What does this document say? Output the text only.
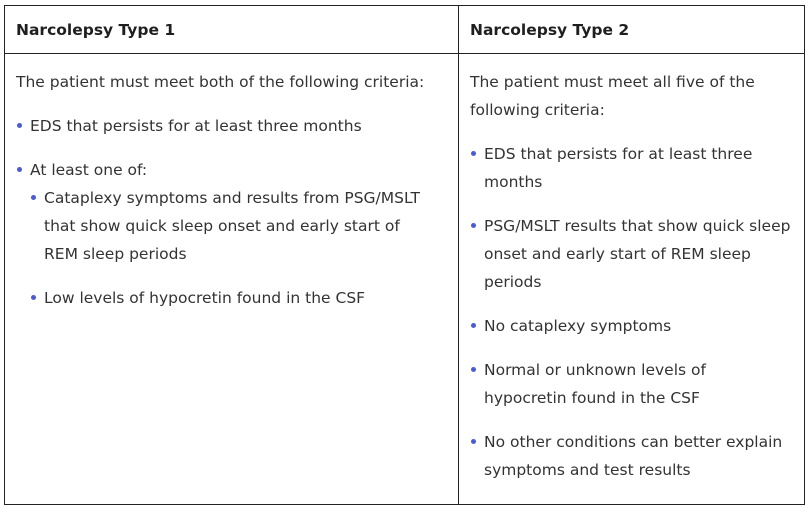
Narcolepsy Type 1	Narcolepsy Type 2

The patient must meet both of the following criteria:

EDS that persists for at least three months
At least one of:
Cataplexy symptoms and results from PSG/MSLT that show quick sleep onset and early start of REM sleep periods
Low levels of hypocretin found in the CSF

The patient must meet all five of the following criteria:

EDS that persists for at least three months
PSG/MSLT results that show quick sleep onset and early start of REM sleep periods
No cataplexy symptoms
Normal or unknown levels of hypocretin found in the CSF
No other conditions can better explain symptoms and test results
